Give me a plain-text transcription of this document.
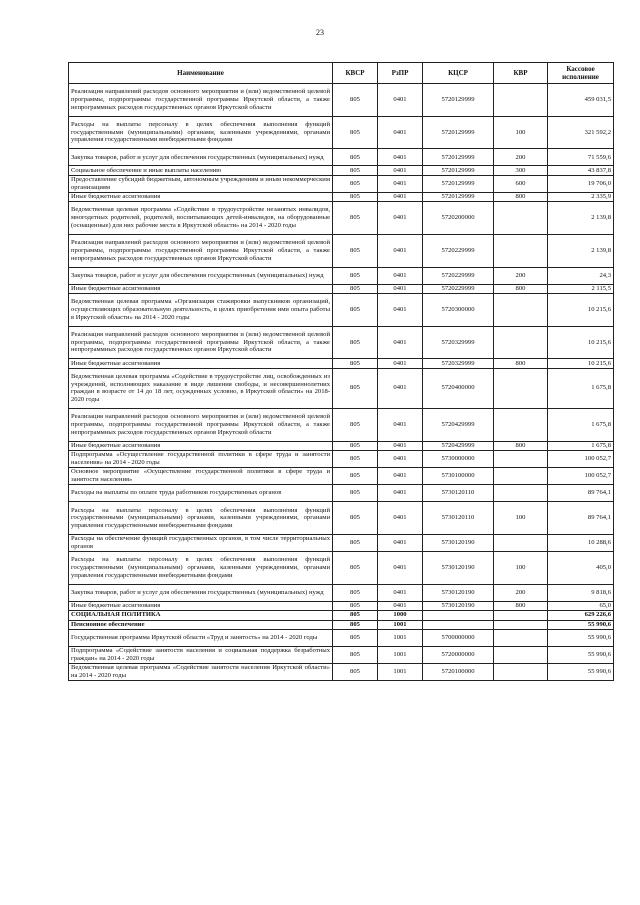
23
Наименование	КВСР	РзПР	КЦСР	КВР	Кассовое исполнение
Реализация направлений расходов основного мероприятия и (или) ведомственной целевой программы, подпрограммы государственной программы Иркутской области, а также непрограммных расходов государственных органов Иркутской области	805	0401	5720129999		459 031,5
Расходы на выплаты персоналу в целях обеспечения выполнения функций государственными (муниципальными) органами, казенными учреждениями, органами управления государственными внебюджетными фондами	805	0401	5720129999	100	321 592,2
Закупка товаров, работ и услуг для обеспечения государственных (муниципальных) нужд	805	0401	5720129999	200	71 559,6
Социальное обеспечение и иные выплаты населению	805	0401	5720129999	300	43 837,8
Предоставление субсидий бюджетным, автономным учреждениям и иным некоммерческим организациям	805	0401	5720129999	600	19 706,0
Иные бюджетные ассигнования	805	0401	5720129999	800	2 335,9
Ведомственная целевая программа «Содействие в трудоустройстве незанятых инвалидов, многодетных родителей, родителей, воспитывающих детей-инвалидов, на оборудованные (оснащенные) для них рабочие места в Иркутской области» на 2014 - 2020 годы	805	0401	5720200000		2 139,8
Реализация направлений расходов основного мероприятия и (или) ведомственной целевой программы, подпрограммы государственной программы Иркутской области, а также непрограммных расходов государственных органов Иркутской области	805	0401	5720229999		2 139,8
Закупка товаров, работ и услуг для обеспечения государственных (муниципальных) нужд	805	0401	5720229999	200	24,3
Иные бюджетные ассигнования	805	0401	5720229999	800	2 115,5
Ведомственная целевая программа «Организация стажировки выпускников организаций, осуществляющих образовательную деятельность, в целях приобретения ими опыта работы в Иркутской области» на 2014 - 2020 годы	805	0401	5720300000		10 215,6
Реализация направлений расходов основного мероприятия и (или) ведомственной целевой программы, подпрограммы государственной программы Иркутской области, а также непрограммных расходов государственных органов Иркутской области	805	0401	5720329999		10 215,6
Иные бюджетные ассигнования	805	0401	5720329999	800	10 215,6
Ведомственная целевая программа «Содействие в трудоустройстве лиц, освобожденных из учреждений, исполняющих наказание в виде лишения свободы, и несовершеннолетних граждан в возрасте от 14 до 18 лет, осужденных условно, в Иркутской области» на 2018-2020 годы	805	0401	5720400000		1 675,8
Реализация направлений расходов основного мероприятия и (или) ведомственной целевой программы, подпрограммы государственной программы Иркутской области, а также непрограммных расходов государственных органов Иркутской области	805	0401	5720429999		1 675,8
Иные бюджетные ассигнования	805	0401	5720429999	800	1 675,8
Подпрограмма «Осуществление государственной политики в сфере труда и занятости населения» на 2014 - 2020 годы	805	0401	5730000000		100 052,7
Основное мероприятие «Осуществление государственной политики в сфере труда и занятости населения»	805	0401	5730100000		100 052,7
Расходы на выплаты по оплате труда работников государственных органов	805	0401	5730120110		89 764,1
Расходы на выплаты персоналу в целях обеспечения выполнения функций государственными (муниципальными) органами, казенными учреждениями, органами управления государственными внебюджетными фондами	805	0401	5730120110	100	89 764,1
Расходы на обеспечение функций государственных органов, в том числе территориальных органов	805	0401	5730120190		10 288,6
Расходы на выплаты персоналу в целях обеспечения выполнения функций государственными (муниципальными) органами, казенными учреждениями, органами управления государственными внебюджетными фондами	805	0401	5730120190	100	405,0
Закупка товаров, работ и услуг для обеспечения государственных (муниципальных) нужд	805	0401	5730120190	200	9 818,6
Иные бюджетные ассигнования	805	0401	5730120190	800	65,0
СОЦИАЛЬНАЯ ПОЛИТИКА	805	1000			629 226,6
Пенсионное обеспечение	805	1001			55 990,6
Государственная программа Иркутской области «Труд и занятость» на 2014 - 2020 годы	805	1001	5700000000		55 990,6
Подпрограмма «Содействие занятости населения и социальная поддержка безработных граждан» на 2014 - 2020 годы	805	1001	5720000000		55 990,6
Ведомственная целевая программа «Содействие занятости населения Иркутской области» на 2014 - 2020 годы	805	1001	5720100000		55 990,6
